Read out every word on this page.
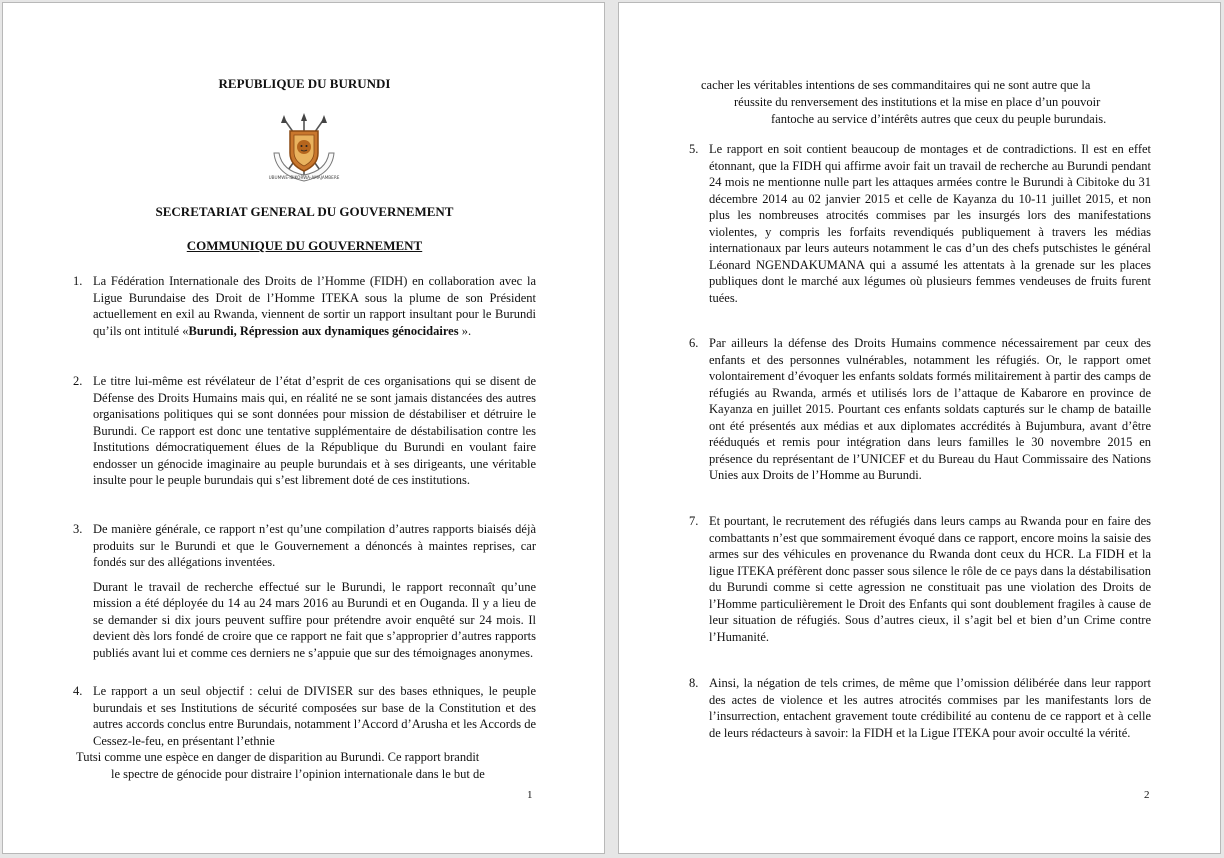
REPUBLIQUE DU BURUNDI
UBUMWE·IBIKORWA·AMAJAMBERE
SECRETARIAT GENERAL DU GOUVERNEMENT
COMMUNIQUE DU GOUVERNEMENT
1. La Fédération Internationale des Droits de l’Homme (FIDH) en collaboration avec la Ligue Burundaise des Droit de l’Homme ITEKA sous la plume de son Président actuellement en exil au Rwanda, viennent de sortir un rapport insultant pour le Burundi qu’ils ont intitulé «Burundi, Répression aux dynamiques génocidaires ».
2. Le titre lui-même est révélateur de l’état d’esprit de ces organisations qui se disent de Défense des Droits Humains mais qui, en réalité ne se sont jamais distancées des autres organisations politiques qui se sont données pour mission de déstabiliser et détruire le Burundi. Ce rapport est donc une tentative supplémentaire de déstabilisation contre les Institutions démocratiquement élues de la République du Burundi en voulant faire endosser un génocide imaginaire au peuple burundais et à ses dirigeants, une véritable insulte pour le peuple burundais qui s’est librement doté de ces institutions.
3. De manière générale, ce rapport n’est qu’une compilation d’autres rapports biaisés déjà produits sur le Burundi et que le Gouvernement a dénoncés à maintes reprises, car fondés sur des allégations inventées.
Durant le travail de recherche effectué sur le Burundi, le rapport reconnaît qu’une mission a été déployée du 14 au 24 mars 2016 au Burundi et en Ouganda. Il y a lieu de se demander si dix jours peuvent suffire pour prétendre avoir enquêté sur 24 mois. Il devient dès lors fondé de croire que ce rapport ne fait que s’approprier d’autres rapports publiés avant lui et comme ces derniers ne s’appuie que sur des témoignages anonymes.
4. Le rapport a un seul objectif : celui de DIVISER sur des bases ethniques, le peuple burundais et ses Institutions de sécurité composées sur base de la Constitution et des autres accords conclus entre Burundais, notamment l’Accord d’Arusha et les Accords de Cessez-le-feu, en présentant l’ethnie
Tutsi comme une espèce en danger de disparition au Burundi. Ce rapport brandit
le spectre de génocide pour distraire l’opinion internationale dans le but de
1
cacher les véritables intentions de ses commanditaires qui ne sont autre que la
réussite du renversement des institutions et la mise en place d’un pouvoir
fantoche au service d’intérêts autres que ceux du peuple burundais.
5. Le rapport en soit contient beaucoup de montages et de contradictions. Il est en effet étonnant, que la FIDH qui affirme avoir fait un travail de recherche au Burundi pendant 24 mois ne mentionne nulle part les attaques armées contre le Burundi à Cibitoke du 31 décembre 2014 au 02 janvier 2015 et celle de Kayanza du 10-11 juillet 2015, et non plus les nombreuses atrocités commises par les insurgés lors des manifestations violentes, y compris les forfaits revendiqués publiquement à travers les médias internationaux par leurs auteurs notamment le cas d’un des chefs putschistes le général Léonard NGENDAKUMANA qui a assumé les attentats à la grenade sur les places publiques dont le marché aux légumes où plusieurs femmes vendeuses de fruits furent tuées.
6. Par ailleurs la défense des Droits Humains commence nécessairement par ceux des enfants et des personnes vulnérables, notamment les réfugiés. Or, le rapport omet volontairement d’évoquer les enfants soldats formés militairement à partir des camps de réfugiés au Rwanda, armés et utilisés lors de l’attaque de Kabarore en province de Kayanza en juillet 2015. Pourtant ces enfants soldats capturés sur le champ de bataille ont été présentés aux médias et aux diplomates accrédités à Bujumbura, avant d’être rééduqués et remis pour intégration dans leurs familles le 30 novembre 2015 en présence du représentant de l’UNICEF et du Bureau du Haut Commissaire des Nations Unies aux Droits de l’Homme au Burundi.
7. Et pourtant, le recrutement des réfugiés dans leurs camps au Rwanda pour en faire des combattants n’est que sommairement évoqué dans ce rapport, encore moins la saisie des armes sur des véhicules en provenance du Rwanda dont ceux du HCR. La FIDH et la ligue ITEKA préfèrent donc passer sous silence le rôle de ce pays dans la déstabilisation du Burundi comme si cette agression ne constituait pas une violation des Droits de l’Homme particulièrement le Droit des Enfants qui sont doublement fragiles à cause de leur situation de réfugiés. Sous d’autres cieux, il s’agit bel et bien d’un Crime contre l’Humanité.
8. Ainsi, la négation de tels crimes, de même que l’omission délibérée dans leur rapport des actes de violence et les autres atrocités commises par les manifestants lors de l’insurrection, entachent gravement toute crédibilité au contenu de ce rapport et à celle de leurs rédacteurs à savoir: la FIDH et la Ligue ITEKA pour avoir occulté la vérité.
2
